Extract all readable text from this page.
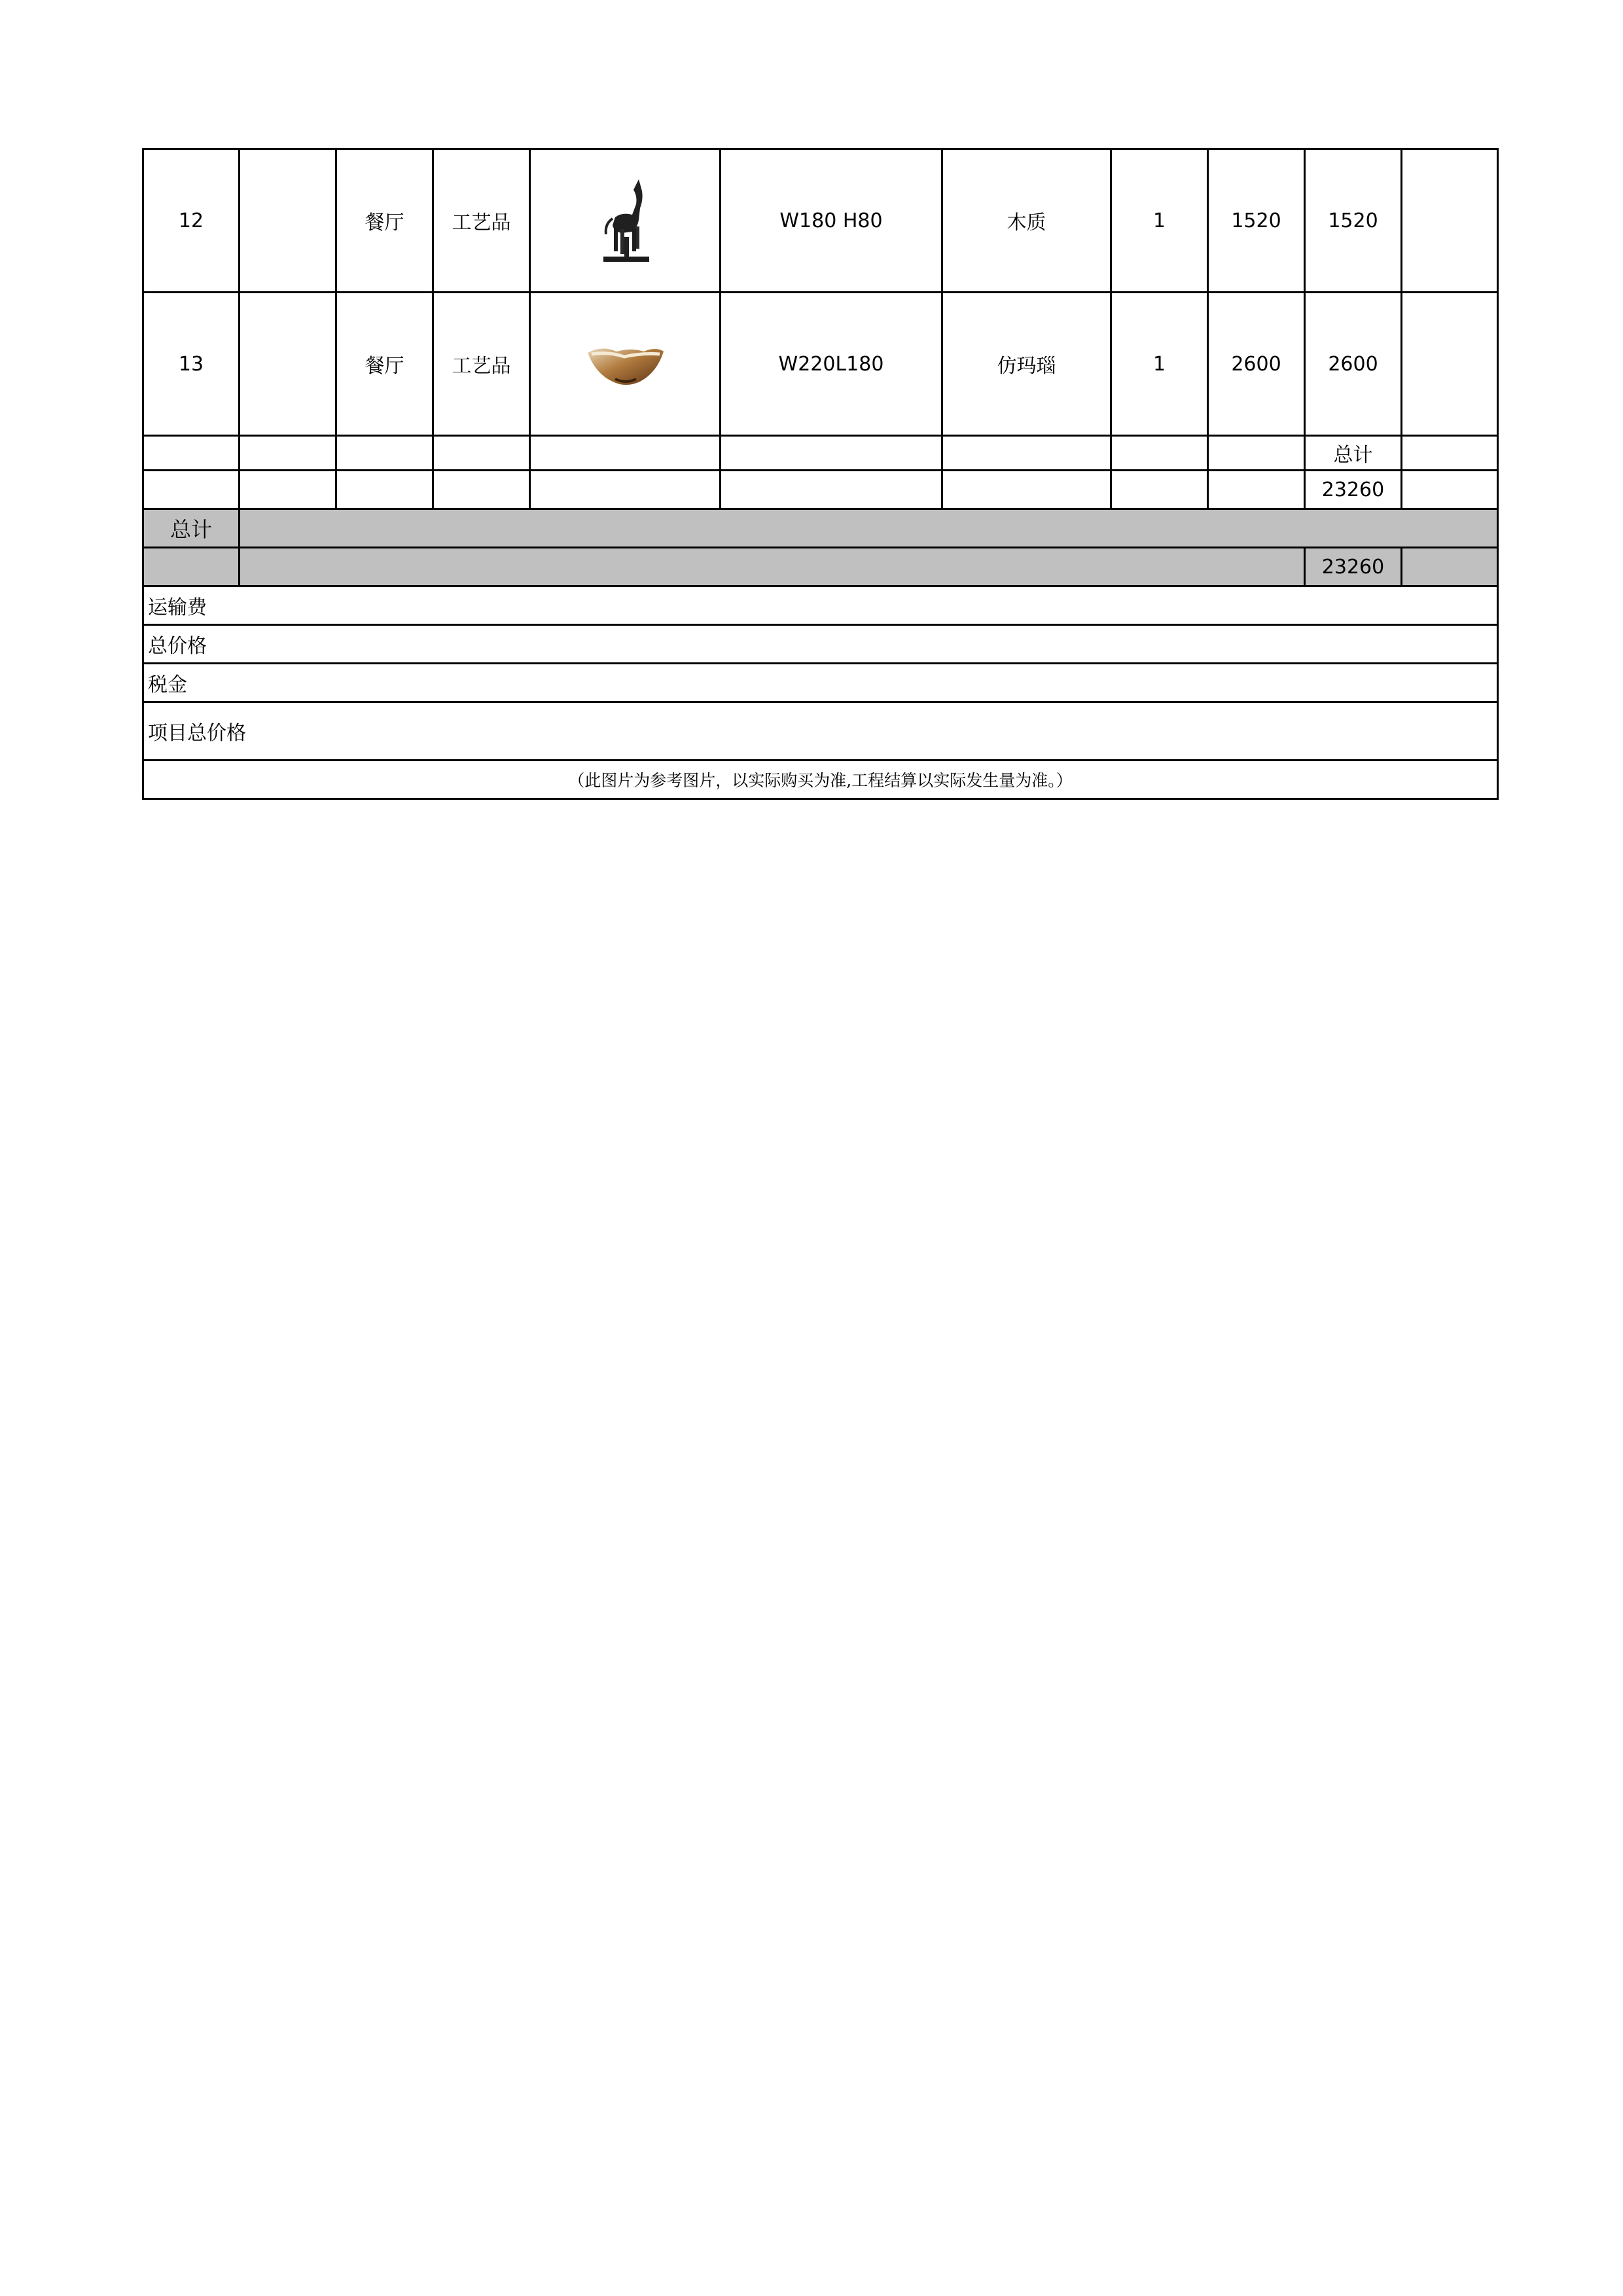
12	餐厅	工艺品	W180 H80	木质	1	1520	1520
13	餐厅	工艺品	W220L180	仿玛瑙	1	2600	2600
总计
23260
总计
23260
运输费
总价格
税金
项目总价格
（此图片为参考图片，以实际购买为准,工程结算以实际发生量为准。）
